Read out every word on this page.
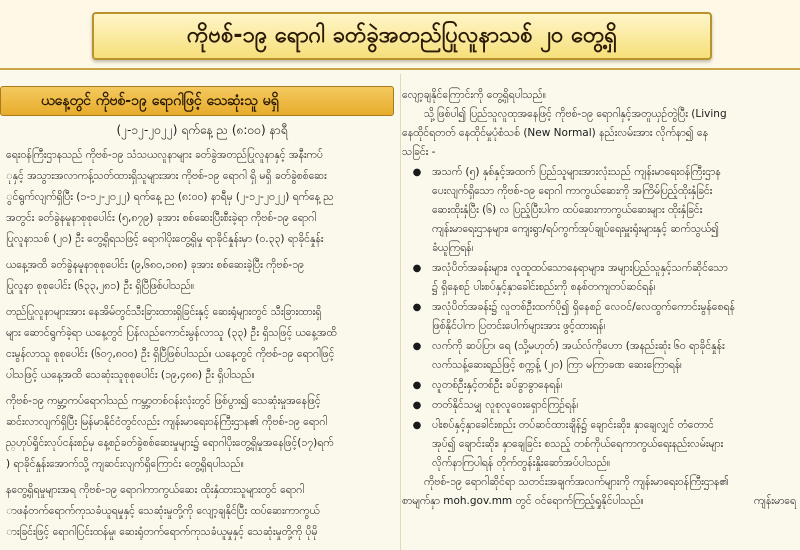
ကိုဗစ်-၁၉ ရောဂါ ခတ်ခွဲအတည်ပြုလူနာသစ် ၂၀ တွေ့ရှိ
ယနေ့တွင် ကိုဗစ်-၁၉ ရောဂါဖြင့် သေဆုံးသူ မရှိ
(၂-၁၂-၂၀၂၂) ရက်နေ့ ည (၈:၀၀) နာရီ
ရေးဝန်ကြီးဌာနသည် ကိုဗစ်-၁၉ သံသယလူနာများ ခတ်ခွဲအတည်ပြုလူနာနှင့် အနီးကပ်
ုနှင့် အသွားအလာကန့်သတ်ထားရှိသူများအား ကိုဗစ်-၁၉ ရောဂါ ရှိ မရှိ ခတ်ခွဲစစ်ဆေး
ွင်ရွက်လျက်ရှိပြီး (၁-၁၂-၂၀၂၂) ရက်နေ့ ည (၈:၀၀) နာရီမှ (၂-၁၂-၂၀၂၂) ရက်နေ့ ည
အတွင်း ခတ်ခွဲနမူနာစုစုပေါင်း (၅,၈၇၉) ခုအား စစ်ဆေးပြီးစီးခဲ့ရာ ကိုဗစ်-၁၉ ရောဂါ
ပြုလူနာသစ် (၂၀) ဦး တွေ့ရှိရသဖြင့် ရောဂါပိုးတွေ့ရှိမှု ရာခိုင်နှုန်းမှာ (၀.၃၃) ရာခိုင်နှုန်း
ယနေ့အထိ ခတ်ခွဲနမူနာစုစုပေါင်း (၉,၆၈၀,၁၈၈) ခုအား စစ်ဆေးခဲ့ပြီး ကိုဗစ်-၁၉
ပြုလူနာ စုစုပေါင်း (၆၃၃,၂၈၁) ဦး ရှိပြီဖြစ်ပါသည်။
တည်ပြုလူနာများအား နေအိမ်တွင်သီးခြားထားရှိခြင်းနှင့် ဆေးရုံများတွင် သီးခြားထားရှိ
များ ဆောင်ရွက်ခဲ့ရာ ယနေ့တွင် ပြန်လည်ကောင်းမွန်လာသူ (၃၃) ဦး ရှိသဖြင့် ယနေ့အထိ
ငးမွန်လာသူ စုစုပေါင်း (၆၀၇,၈၀၀) ဦး ရှိပြီဖြစ်ပါသည်။ ယနေ့တွင် ကိုဗစ်-၁၉ ရောဂါဖြင့်
ပါသဖြင့် ယနေ့အထိ သေဆုံးသူစုစုပေါင်း (၁၉,၄၈၈) ဦး ရှိပါသည်။
ကိုဗစ်-၁၉ ကမ္ဘာ့ကပ်ရောဂါသည် ကမ္ဘာ့တစ်ဝန်းလုံးတွင် ဖြစ်ပွား၍ သေဆုံးမှုအနေဖြင့်
ဆင်းလာလျက်ရှိပြီး မြန်မာနိုင်ငံတွင်လည်း ကျန်းမာရေးဝန်ကြီးဌာန၏ ကိုဗစ်-၁၉ ရောဂါ
ည္ဟုပ်ရှိုင်းလုပ်ငန်းစဉ်မှ နေ့စဉ်ခတ်ခွဲစစ်ဆေးမှုများ၌ ရောဂါပိုးတွေ့ရှိမှုအနေဖြင့်(၁၇)ရက်
) ရာခိုင်နှုန်းအောက်သို့ ကျဆင်းလျက်ရှိကြောင်း တွေ့ရှိရပါသည်။
နတွေ့ရှိရမှုများအရ ကိုဗစ်-၁၉ ရောဂါကာကွယ်ဆေး ထိုးနှံထားသူများတွင် ရောဂါ
ာဖနံတက်ရောက်ကုသခံယူရမှုနှင့် သေဆုံးမှုတို့ကို လျော့ချနိုင်ပြီး ထပ်ဆေးကာကွယ်
ားခြင်းဖြင့် ရောဂါပြင်းထန်မှု၊ ဆေးရုံတက်ရောက်ကုသခံယူမှုနှင့် သေဆုံးမှုတို့ကို ပိုမို
လျော့ချနိုင်ကြောင်းကို တွေ့ရှိရပါသည်။
သို့ဖြစ်ပါ၍ ပြည်သူလူထုအနေဖြင့် ကိုဗစ်-၁၉ ရောဂါနှင့်အတူယှဉ်တွဲပြီး (Living
နေထိုင်ရတတ် နေထိုင်မှုပုံစံသစ် (New Normal) နည်းလမ်းအား လိုက်နာ၍ နေ
သခြင်း -
●	အသက် (၅) နှစ်နှင့်အထက် ပြည်သူများအားလုံးသည် ကျန်းမာရေးဝန်ကြီးဌာန
ပေးလျက်ရှိသော ကိုဗစ်-၁၉ ရောဂါ ကာကွယ်ဆေးကို အကြိမ်ပြည့်ထိုးနှံခြင်း
ဆေးထိုးနှံပြီး (၆) လ ပြည့်ပြီးပါက ထပ်ဆေးကာကွယ်ဆေးများ ထိုးနှံခြင်း
ကျန်းမာရေးဌာနများ၊ ကျေးရွာ/ရပ်ကွက်အုပ်ချုပ်ရေးမှူးရုံးများနှင့် ဆက်သွယ်၍
ခံယူကြရန်၊
●	အလုံပိတ်အခန်းများ၊ လူထူထပ်သောနေရာများ၊ အများပြည်သူနှင့်သက်ဆိုင်သော
၌ ရှိနေစဉ် ပါးစပ်နှင့်နှာခေါင်းစည်းကို စနစ်တကျတပ်ဆင်ရန်၊
●	အလုံပိတ်အခန်း၌ လူတစ်ဦးထက်ပို၍ ရှိနေစဉ် လေဝင်/လေထွက်ကောင်းမွန်စေရန်
ဖြစ်နိုင်ပါက ပြတင်းပေါက်များအား ဖွင့်ထားရန်၊
●	လက်ကို ဆပ်ပြာ၊ ရေ (သို့မဟုတ်) အယ်လ်ကိုဟော (အနည်းဆုံး ၆၀ ရာခိုင်နှုန်း
လက်သန့်ဆေးရည်ဖြင့် စက္ကန့် (၂၀) ကြာ မကြာခဏ ဆေးကြောရန်၊
●	လူတစ်ဦးနှင့်တစ်ဦး ခပ်ခွာခွာနေရန်၊
●	တတ်နိုင်သမျှ လူစုလူဝေးရှောင်ကြဉ်ရန်၊
●	ပါးစပ်နှင့်နှာခေါင်းစည်း တပ်ဆင်ထားချိန်၌ ချောင်းဆိုး၊ နှာချေလျှင် တံတောင်
အုပ်၍ ချောင်းဆိုး၊ နှာချေခြင်း စသည့် တစ်ကိုယ်ရေကာကွယ်ရေးနည်းလမ်းများ
လိုက်နာကြပါရန် တိုက်တွန်းနှိုးဆော်အပ်ပါသည်။
ကိုဗစ်-၁၉ ရောဂါဆိုင်ရာ သတင်းအချက်အလက်များကို ကျန်းမာရေးဝန်ကြီးဌာန၏
စာမျက်နှာ moh.gov.mm တွင် ဝင်ရောက်ကြည့်ရှုနိုင်ပါသည်။	ကျန်းမာရေ
